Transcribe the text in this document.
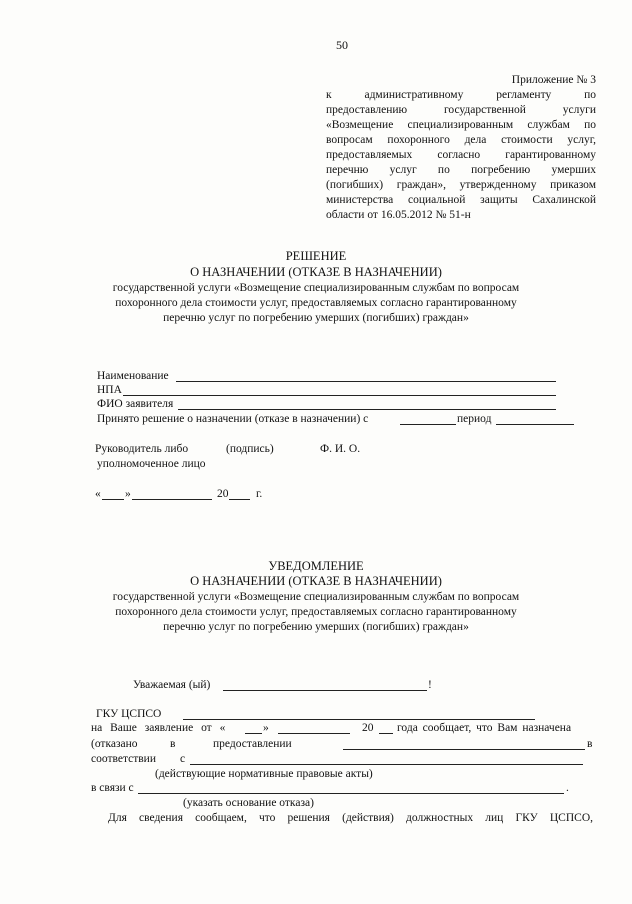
50
Приложение № 3
к административному регламенту по
предоставлению государственной услуги
«Возмещение специализированным службам по
вопросам похоронного дела стоимости услуг,
предоставляемых согласно гарантированному
перечню услуг по погребению умерших
(погибших) граждан», утвержденному приказом
министерства социальной защиты Сахалинской
области от 16.05.2012 № 51-н
РЕШЕНИЕ
О НАЗНАЧЕНИИ (ОТКАЗЕ В НАЗНАЧЕНИИ)
государственной услуги «Возмещение специализированным службам по вопросам
похоронного дела стоимости услуг, предоставляемых согласно гарантированному
перечню услуг по погребению умерших (погибших) граждан»
Наименование
НПА
ФИО заявителя
Принято решение о назначении (отказе в назначении) с	период
Руководитель либо	(подпись)	Ф. И. О.
уполномоченное лицо
« »	20 г.
УВЕДОМЛЕНИЕ
О НАЗНАЧЕНИИ (ОТКАЗЕ В НАЗНАЧЕНИИ)
государственной услуги «Возмещение специализированным службам по вопросам
похоронного дела стоимости услуг, предоставляемых согласно гарантированному
перечню услуг по погребению умерших (погибших) граждан»
Уважаемая (ый)	!
ГКУ ЦСПСО
на Ваше заявление от «	»	20 года сообщает, что Вам назначена
(отказано	в	предоставлении	в
соответствии с
(действующие нормативные правовые акты)
в связи с	.
(указать основание отказа)
Для сведения сообщаем, что решения (действия) должностных лиц ГКУ ЦСПСО,
